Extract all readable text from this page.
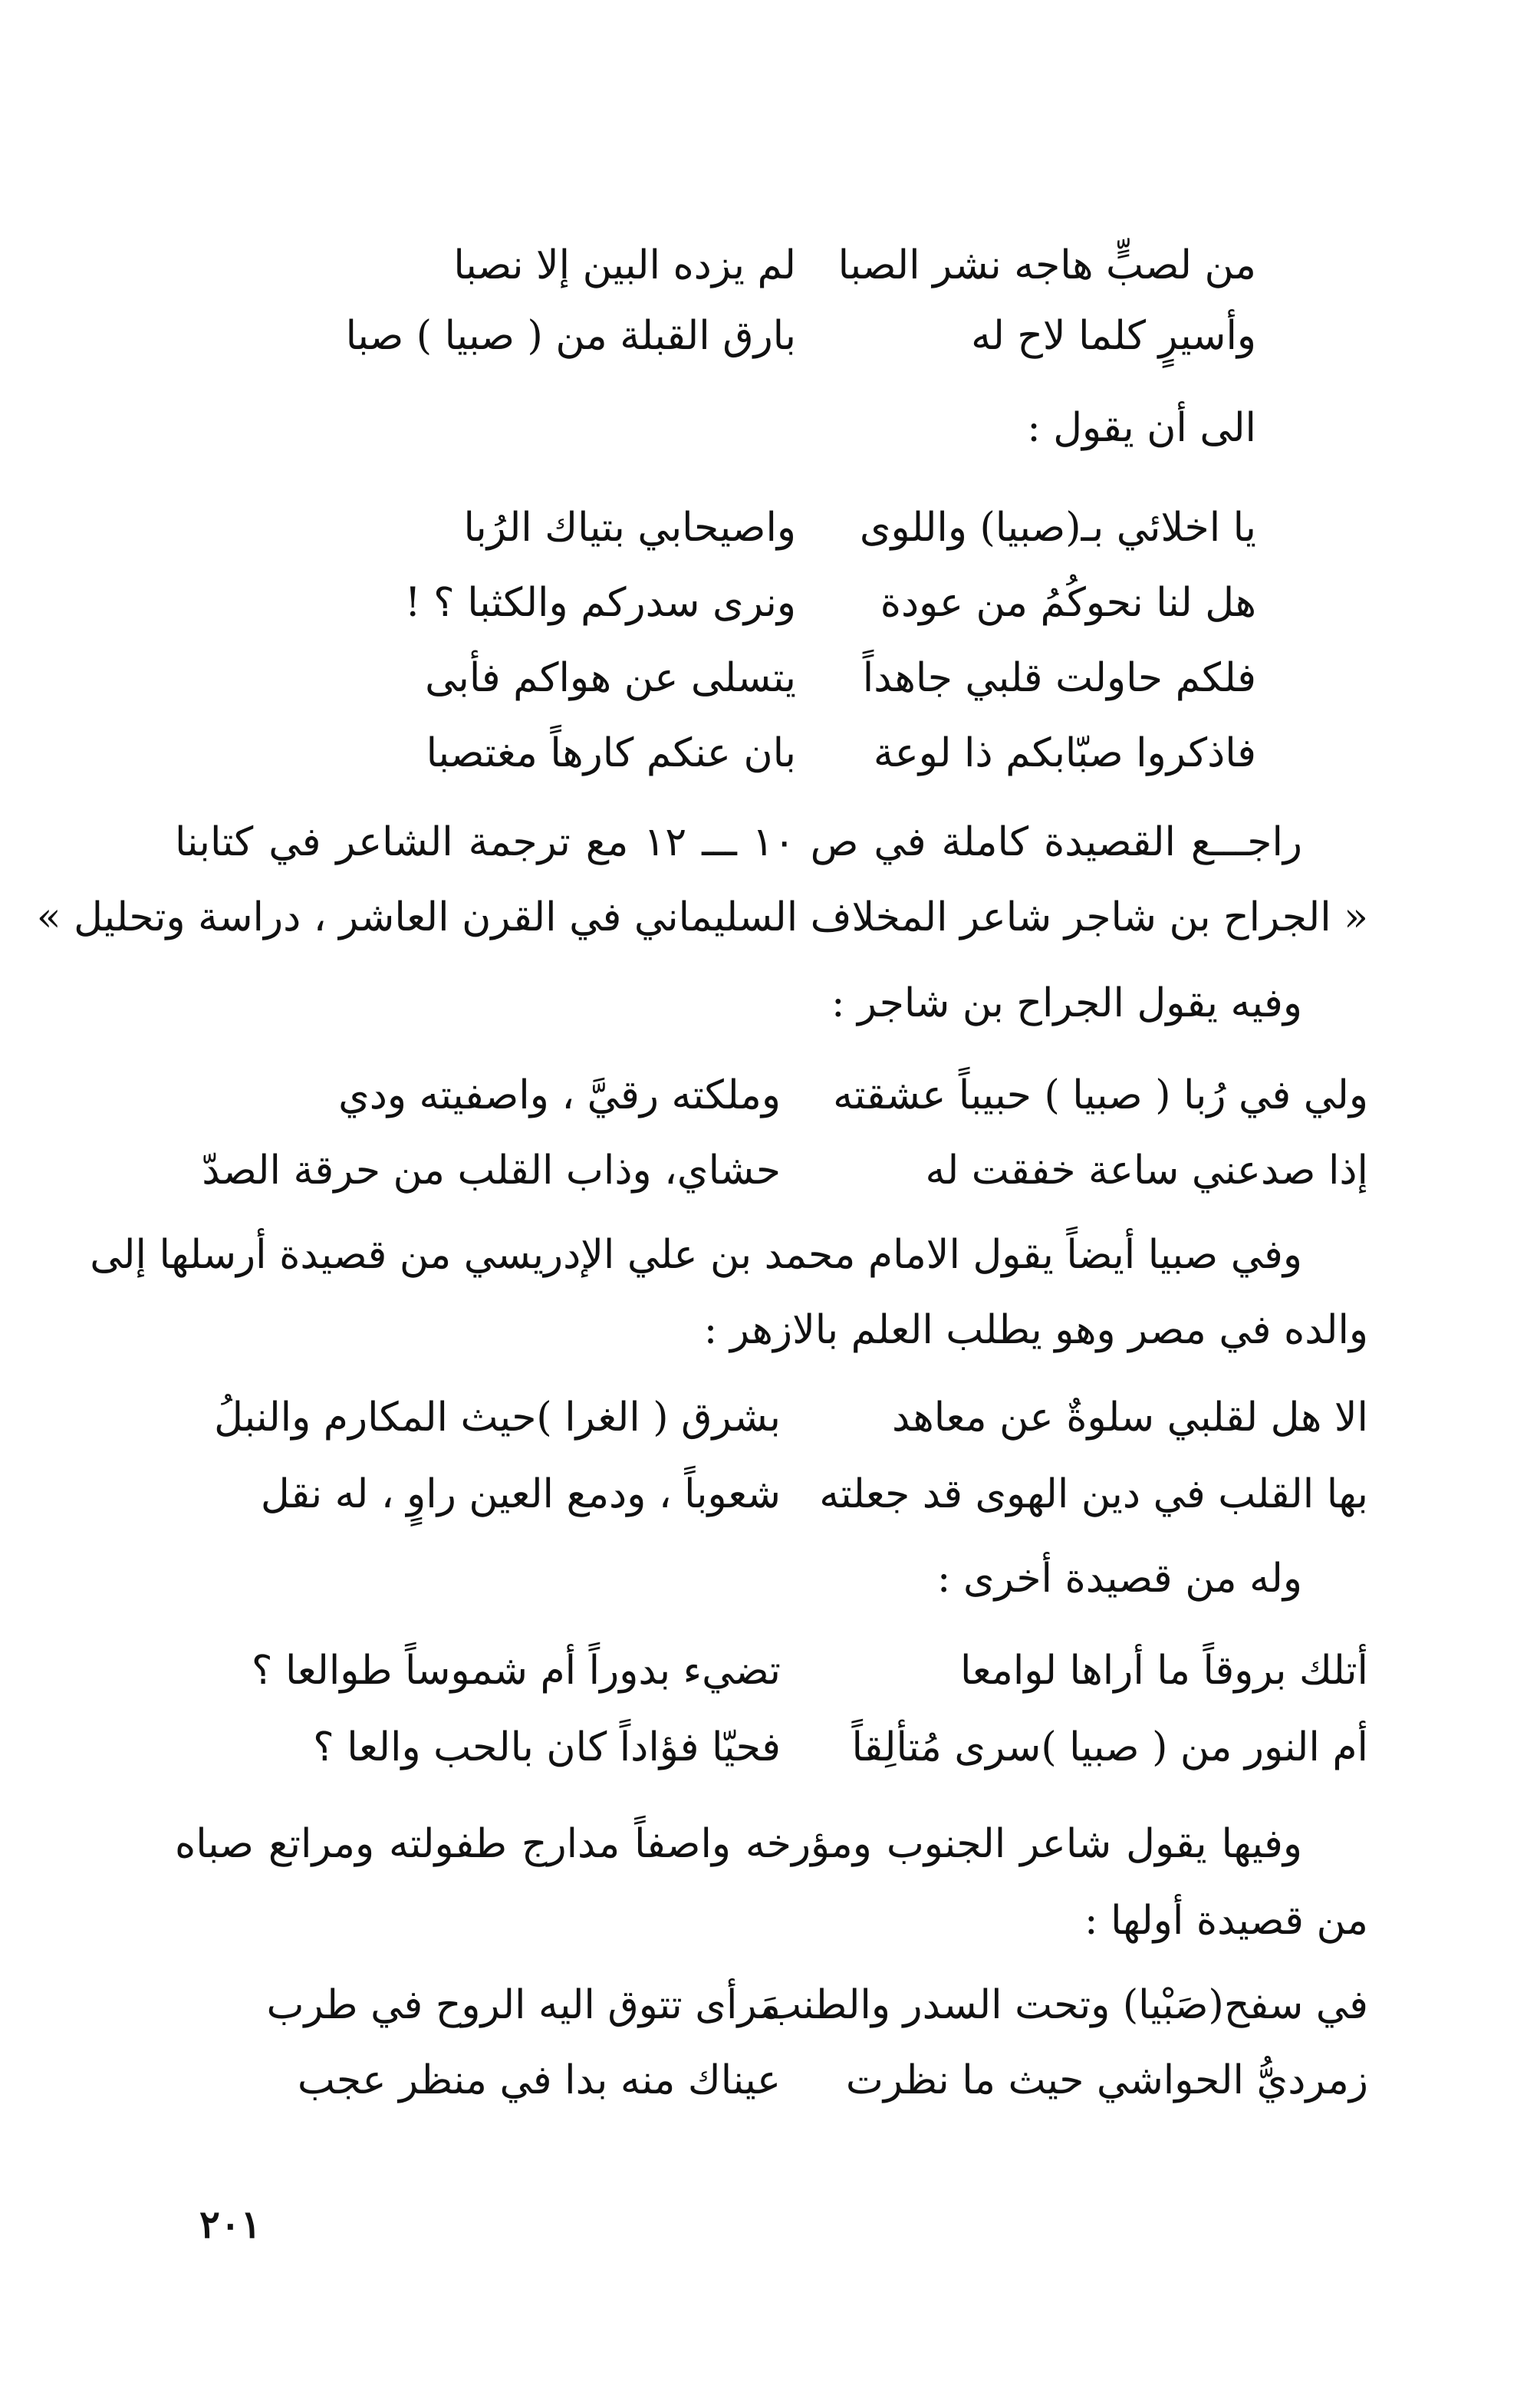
من لصبٍّ هاجه نشر الصبا
لم يزده البين إلا نصبا
وأسيرٍ كلما لاح له
بارق القبلة من ( صبيا ) صبا
الى أن يقول :
يا اخلائي بـ(صبيا) واللوى
واصيحابي بتياك الرُبا
هل لنا نحوكُمُ من عودة
ونرى سدركم والكثبا ؟ !
فلكم حاولت قلبي جاهداً
يتسلى عن هواكم فأبى
فاذكروا صبّابكم ذا لوعة
بان عنكم كارهاً مغتصبا
راجـــع القصيدة كاملة في ص ١٠ ـــ ١٢ مع ترجمة الشاعر في كتابنا
« الجراح بن شاجر شاعر المخلاف السليماني في القرن العاشر ، دراسة وتحليل »
وفيه يقول الجراح بن شاجر :
ولي في رُبا ( صبيا ) حبيباً عشقته
وملكته رقيَّ ، واصفيته ودي
إذا صدعني ساعة خفقت له
حشاي، وذاب القلب من حرقة الصدّ
وفي صبيا أيضاً يقول الامام محمد بن علي الإدريسي من قصيدة أرسلها إلى
والده في مصر وهو يطلب العلم بالازهر :
الا هل لقلبي سلوةٌ عن معاهد
بشرق ( الغرا )حيث المكارم والنبلُ
بها القلب في دين الهوى قد جعلته
شعوباً ، ودمع العين راوٍ ، له نقل
وله من قصيدة أخرى :
أتلك بروقاً ما أراها لوامعا
تضيء بدوراً أم شموساً طوالعا ؟
أم النور من ( صبيا )سرى مُتألِقاً
فحيّا فؤاداً كان بالحب والعا ؟
وفيها يقول شاعر الجنوب ومؤرخه واصفاً مدارج طفولته ومراتع صباه
من قصيدة أولها :
في سفح(صَبْيا) وتحت السدر والطنب
مَرأى تتوق اليه الروح في طرب
زمرديُّ الحواشي حيث ما نظرت
عيناك منه بدا في منظر عجب
٢٠١
